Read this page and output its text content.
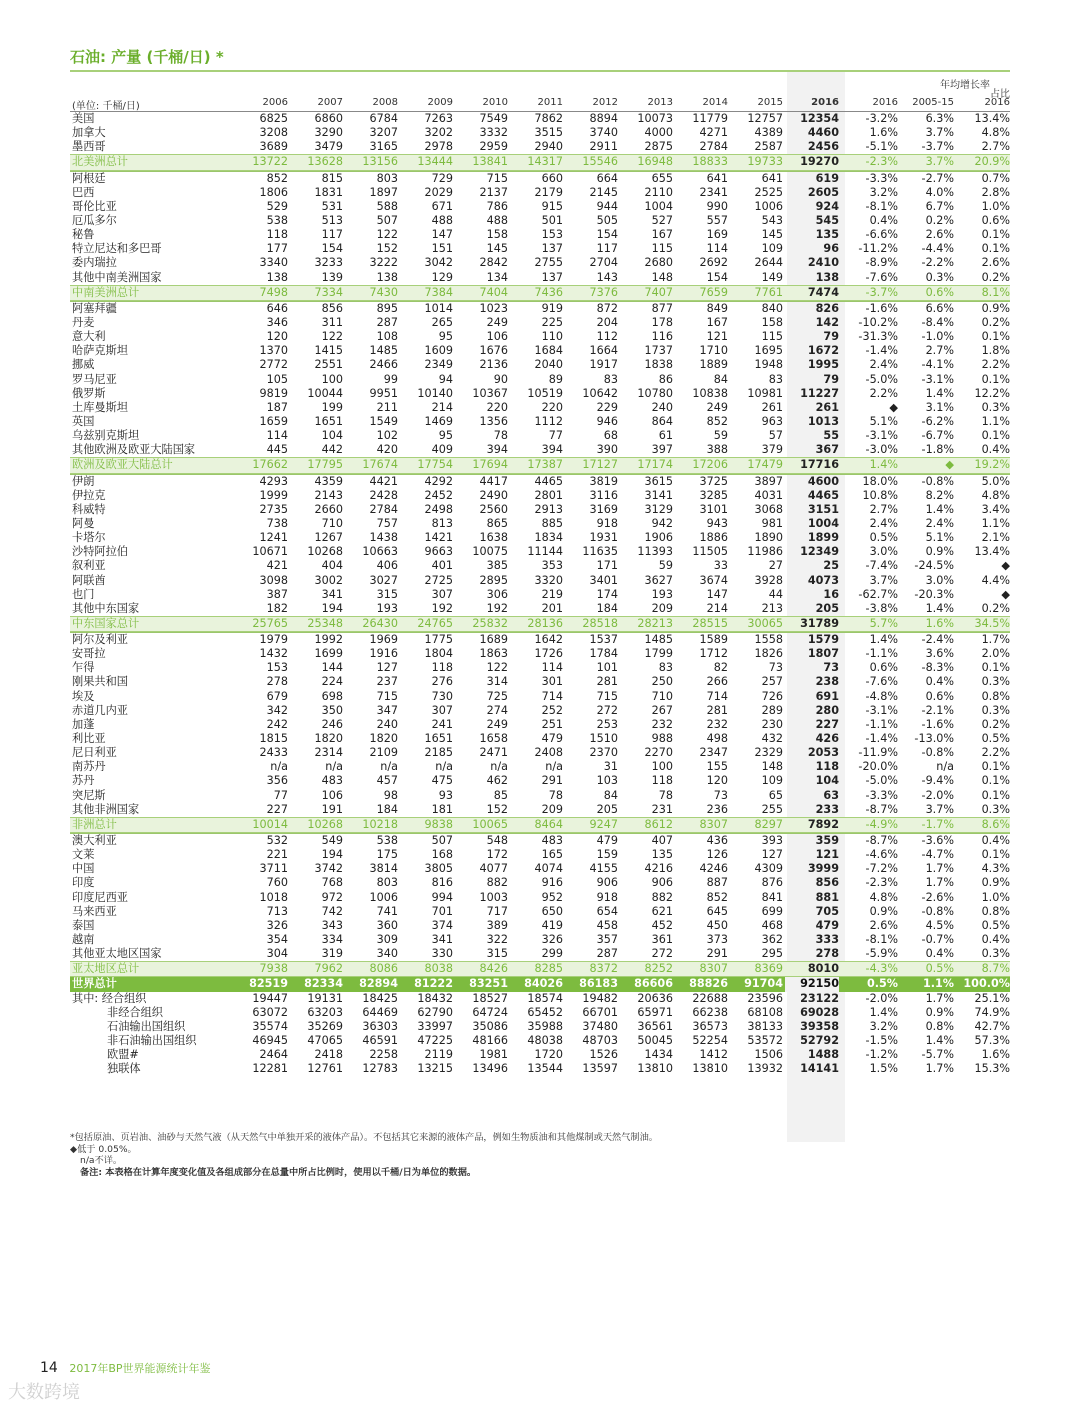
石油: 产量 (千桶/日) *
(单位: 千桶/日)	2006	2007	2008	2009	2010	2011	2012	2013	2014	2015	2016
年均增长率
2016	2005-15
占比
2016
美国	6825	6860	6784	7263	7549	7862	8894	10073	11779	12757	12354	-3.2%	6.3%	13.4%
加拿大	3208	3290	3207	3202	3332	3515	3740	4000	4271	4389	4460	1.6%	3.7%	4.8%
墨西哥	3689	3479	3165	2978	2959	2940	2911	2875	2784	2587	2456	-5.1%	-3.7%	2.7%
北美洲总计	13722	13628	13156	13444	13841	14317	15546	16948	18833	19733	19270	-2.3%	3.7%	20.9%
阿根廷	852	815	803	729	715	660	664	655	641	641	619	-3.3%	-2.7%	0.7%
巴西	1806	1831	1897	2029	2137	2179	2145	2110	2341	2525	2605	3.2%	4.0%	2.8%
哥伦比亚	529	531	588	671	786	915	944	1004	990	1006	924	-8.1%	6.7%	1.0%
厄瓜多尔	538	513	507	488	488	501	505	527	557	543	545	0.4%	0.2%	0.6%
秘鲁	118	117	122	147	158	153	154	167	169	145	135	-6.6%	2.6%	0.1%
特立尼达和多巴哥	177	154	152	151	145	137	117	115	114	109	96	-11.2%	-4.4%	0.1%
委内瑞拉	3340	3233	3222	3042	2842	2755	2704	2680	2692	2644	2410	-8.9%	-2.2%	2.6%
其他中南美洲国家	138	139	138	129	134	137	143	148	154	149	138	-7.6%	0.3%	0.2%
中南美洲总计	7498	7334	7430	7384	7404	7436	7376	7407	7659	7761	7474	-3.7%	0.6%	8.1%
阿塞拜疆	646	856	895	1014	1023	919	872	877	849	840	826	-1.6%	6.6%	0.9%
丹麦	346	311	287	265	249	225	204	178	167	158	142	-10.2%	-8.4%	0.2%
意大利	120	122	108	95	106	110	112	116	121	115	79	-31.3%	-1.0%	0.1%
哈萨克斯坦	1370	1415	1485	1609	1676	1684	1664	1737	1710	1695	1672	-1.4%	2.7%	1.8%
挪威	2772	2551	2466	2349	2136	2040	1917	1838	1889	1948	1995	2.4%	-4.1%	2.2%
罗马尼亚	105	100	99	94	90	89	83	86	84	83	79	-5.0%	-3.1%	0.1%
俄罗斯	9819	10044	9951	10140	10367	10519	10642	10780	10838	10981	11227	2.2%	1.4%	12.2%
土库曼斯坦	187	199	211	214	220	220	229	240	249	261	261	◆	3.1%	0.3%
英国	1659	1651	1549	1469	1356	1112	946	864	852	963	1013	5.1%	-6.2%	1.1%
乌兹别克斯坦	114	104	102	95	78	77	68	61	59	57	55	-3.1%	-6.7%	0.1%
其他欧洲及欧亚大陆国家	445	442	420	409	394	394	390	397	388	379	367	-3.0%	-1.8%	0.4%
欧洲及欧亚大陆总计	17662	17795	17674	17754	17694	17387	17127	17174	17206	17479	17716	1.4%	◆	19.2%
伊朗	4293	4359	4421	4292	4417	4465	3819	3615	3725	3897	4600	18.0%	-0.8%	5.0%
伊拉克	1999	2143	2428	2452	2490	2801	3116	3141	3285	4031	4465	10.8%	8.2%	4.8%
科威特	2735	2660	2784	2498	2560	2913	3169	3129	3101	3068	3151	2.7%	1.4%	3.4%
阿曼	738	710	757	813	865	885	918	942	943	981	1004	2.4%	2.4%	1.1%
卡塔尔	1241	1267	1438	1421	1638	1834	1931	1906	1886	1890	1899	0.5%	5.1%	2.1%
沙特阿拉伯	10671	10268	10663	9663	10075	11144	11635	11393	11505	11986	12349	3.0%	0.9%	13.4%
叙利亚	421	404	406	401	385	353	171	59	33	27	25	-7.4%	-24.5%	◆
阿联酋	3098	3002	3027	2725	2895	3320	3401	3627	3674	3928	4073	3.7%	3.0%	4.4%
也门	387	341	315	307	306	219	174	193	147	44	16	-62.7%	-20.3%	◆
其他中东国家	182	194	193	192	192	201	184	209	214	213	205	-3.8%	1.4%	0.2%
中东国家总计	25765	25348	26430	24765	25832	28136	28518	28213	28515	30065	31789	5.7%	1.6%	34.5%
阿尔及利亚	1979	1992	1969	1775	1689	1642	1537	1485	1589	1558	1579	1.4%	-2.4%	1.7%
安哥拉	1432	1699	1916	1804	1863	1726	1784	1799	1712	1826	1807	-1.1%	3.6%	2.0%
乍得	153	144	127	118	122	114	101	83	82	73	73	0.6%	-8.3%	0.1%
刚果共和国	278	224	237	276	314	301	281	250	266	257	238	-7.6%	0.4%	0.3%
埃及	679	698	715	730	725	714	715	710	714	726	691	-4.8%	0.6%	0.8%
赤道几内亚	342	350	347	307	274	252	272	267	281	289	280	-3.1%	-2.1%	0.3%
加蓬	242	246	240	241	249	251	253	232	232	230	227	-1.1%	-1.6%	0.2%
利比亚	1815	1820	1820	1651	1658	479	1510	988	498	432	426	-1.4%	-13.0%	0.5%
尼日利亚	2433	2314	2109	2185	2471	2408	2370	2270	2347	2329	2053	-11.9%	-0.8%	2.2%
南苏丹	n/a	n/a	n/a	n/a	n/a	n/a	31	100	155	148	118	-20.0%	n/a	0.1%
苏丹	356	483	457	475	462	291	103	118	120	109	104	-5.0%	-9.4%	0.1%
突尼斯	77	106	98	93	85	78	84	78	73	65	63	-3.3%	-2.0%	0.1%
其他非洲国家	227	191	184	181	152	209	205	231	236	255	233	-8.7%	3.7%	0.3%
非洲总计	10014	10268	10218	9838	10065	8464	9247	8612	8307	8297	7892	-4.9%	-1.7%	8.6%
澳大利亚	532	549	538	507	548	483	479	407	436	393	359	-8.7%	-3.6%	0.4%
文莱	221	194	175	168	172	165	159	135	126	127	121	-4.6%	-4.7%	0.1%
中国	3711	3742	3814	3805	4077	4074	4155	4216	4246	4309	3999	-7.2%	1.7%	4.3%
印度	760	768	803	816	882	916	906	906	887	876	856	-2.3%	1.7%	0.9%
印度尼西亚	1018	972	1006	994	1003	952	918	882	852	841	881	4.8%	-2.6%	1.0%
马来西亚	713	742	741	701	717	650	654	621	645	699	705	0.9%	-0.8%	0.8%
泰国	326	343	360	374	389	419	458	452	450	468	479	2.6%	4.5%	0.5%
越南	354	334	309	341	322	326	357	361	373	362	333	-8.1%	-0.7%	0.4%
其他亚太地区国家	304	319	340	330	315	299	287	272	291	295	278	-5.9%	0.4%	0.3%
亚太地区总计	7938	7962	8086	8038	8426	8285	8372	8252	8307	8369	8010	-4.3%	0.5%	8.7%
世界总计	82519	82334	82894	81222	83251	84026	86183	86606	88826	91704	92150	0.5%	1.1% 100.0%
其中: 经合组织	19447	19131	18425	18432	18527	18574	19482	20636	22688	23596	23122	-2.0%	1.7%	25.1%
非经合组织	63072	63203	64469	62790	64724	65452	66701	65971	66238	68108	69028	1.4%	0.9%	74.9%
石油输出国组织	35574	35269	36303	33997	35086	35988	37480	36561	36573	38133	39358	3.2%	0.8%	42.7%
非石油输出国组织	46945	47065	46591	47225	48166	48038	48703	50045	52254	53572	52792	-1.5%	1.4%	57.3%
欧盟#	2464	2418	2258	2119	1981	1720	1526	1434	1412	1506	1488	-1.2%	-5.7%	1.6%
独联体	12281	12761	12783	13215	13496	13544	13597	13810	13810	13932	14141	1.5%	1.7%	15.3%
*包括原油、页岩油、油砂与天然气液（从天然气中单独开采的液体产品）。不包括其它来源的液体产品，例如生物质油和其他煤制或天然气制油。
◆低于 0.05%。
n/a不详。
备注: 本表格在计算年度变化值及各组成部分在总量中所占比例时，使用以千桶/日为单位的数据。
14 2017年BP世界能源统计年鉴
大数跨境
